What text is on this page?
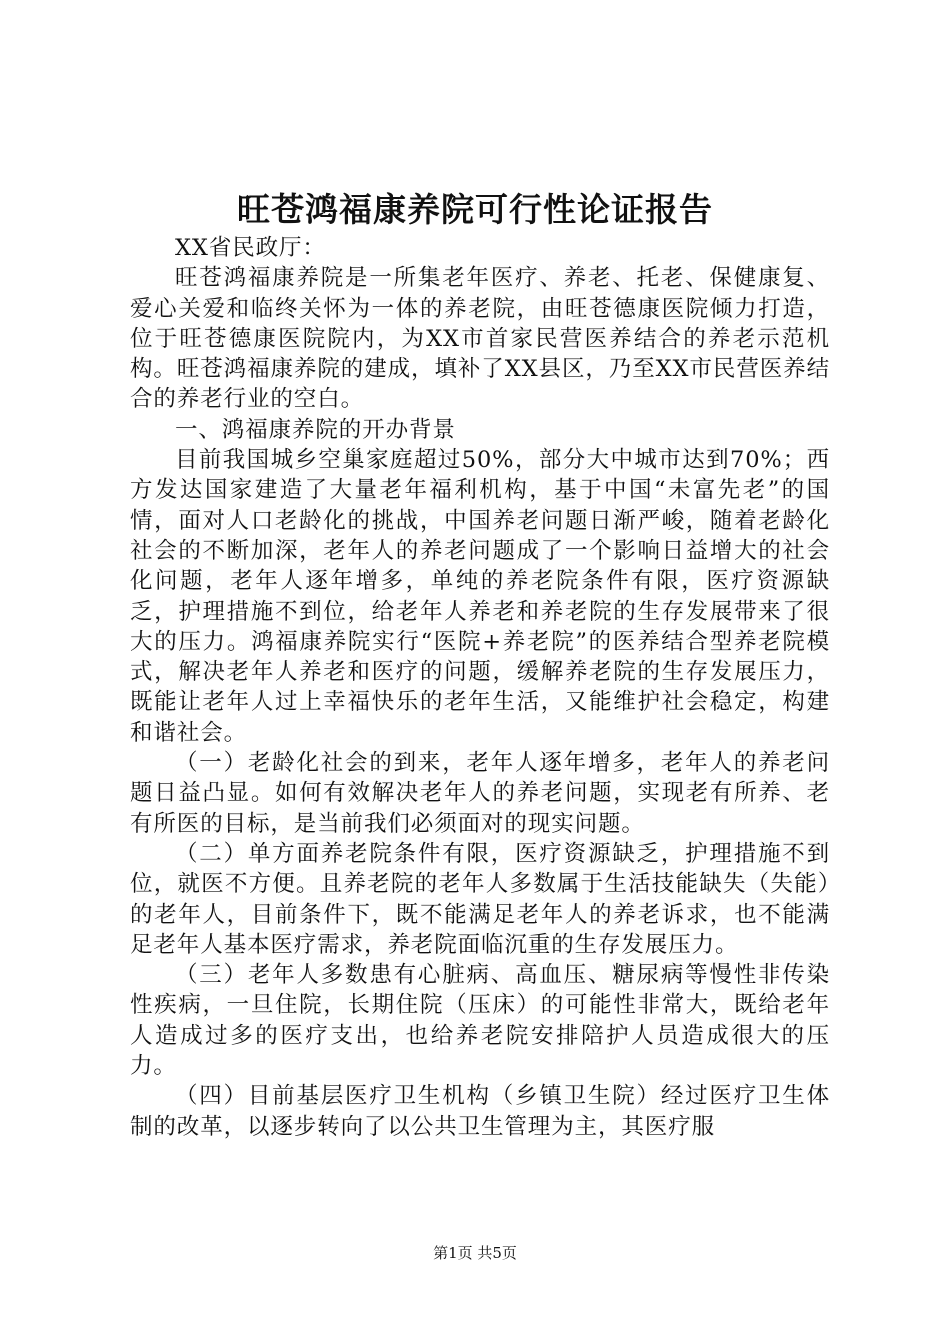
旺苍鸿福康养院可行性论证报告

XX省民政厅：

旺苍鸿福康养院是一所集老年医疗、养老、托老、保健康复、爱心关爱和临终关怀为一体的养老院，由旺苍德康医院倾力打造，位于旺苍德康医院院内，为XX市首家民营医养结合的养老示范机构。旺苍鸿福康养院的建成，填补了XX县区，乃至XX市民营医养结合的养老行业的空白。

一、鸿福康养院的开办背景

目前我国城乡空巢家庭超过50%，部分大中城市达到70%；西方发达国家建造了大量老年福利机构，基于中国“未富先老”的国情，面对人口老龄化的挑战，中国养老问题日渐严峻，随着老龄化社会的不断加深，老年人的养老问题成了一个影响日益增大的社会化问题，老年人逐年增多，单纯的养老院条件有限，医疗资源缺乏，护理措施不到位，给老年人养老和养老院的生存发展带来了很大的压力。鸿福康养院实行“医院+养老院”的医养结合型养老院模式，解决老年人养老和医疗的问题，缓解养老院的生存发展压力，既能让老年人过上幸福快乐的老年生活，又能维护社会稳定，构建和谐社会。

（一）老龄化社会的到来，老年人逐年增多，老年人的养老问题日益凸显。如何有效解决老年人的养老问题，实现老有所养、老有所医的目标，是当前我们必须面对的现实问题。

（二）单方面养老院条件有限，医疗资源缺乏，护理措施不到位，就医不方便。且养老院的老年人多数属于生活技能缺失（失能）的老年人，目前条件下，既不能满足老年人的养老诉求，也不能满足老年人基本医疗需求，养老院面临沉重的生存发展压力。

（三）老年人多数患有心脏病、高血压、糖尿病等慢性非传染性疾病，一旦住院，长期住院（压床）的可能性非常大，既给老年人造成过多的医疗支出，也给养老院安排陪护人员造成很大的压力。

（四）目前基层医疗卫生机构（乡镇卫生院）经过医疗卫生体制的改革，以逐步转向了以公共卫生管理为主，其医疗服

第1页 共5页
